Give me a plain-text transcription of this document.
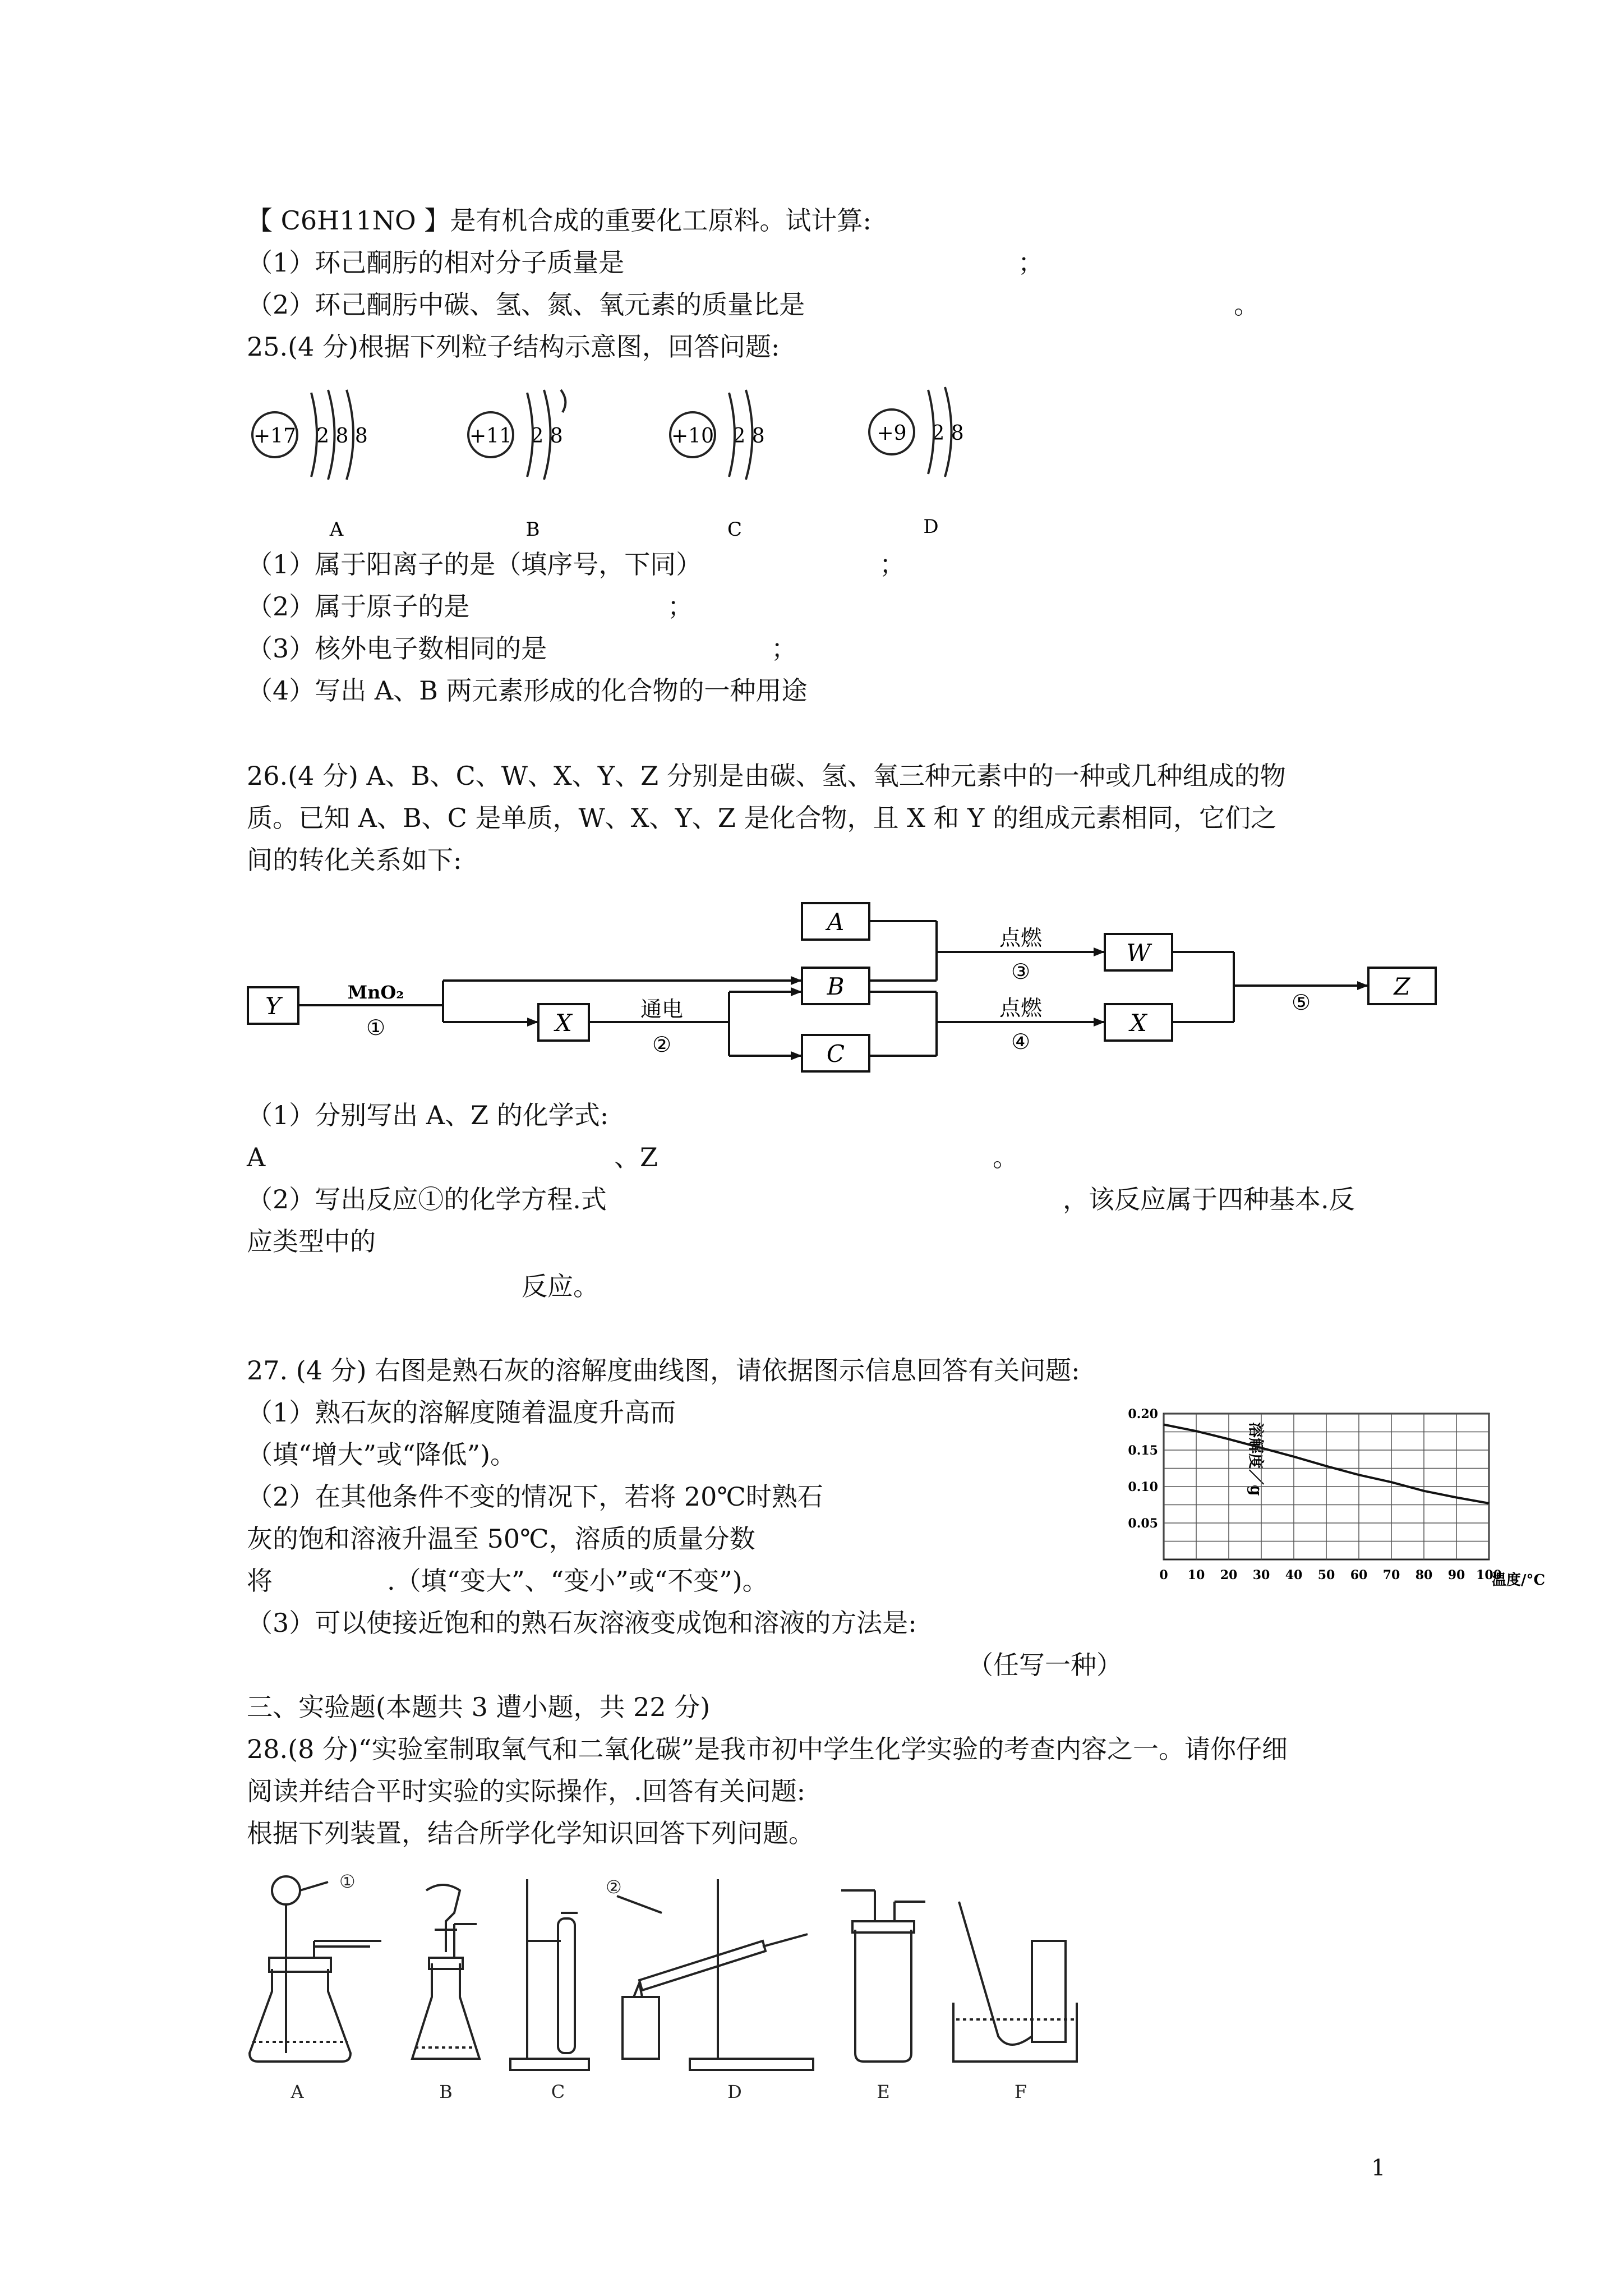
【 C6H11NO 】是有机合成的重要化工原料。试计算:
（1）环己酮肟的相对分子质量是	；
（2）环己酮肟中碳、氢、氮、氧元素的质量比是	。
25.(4 分)根据下列粒子结构示意图，回答问题:
+17 2 8 8
A
+11 2 8
B
+10 2 8
C
+9 2 8
D
（1）属于阳离子的是（填序号，下同）	；
（2）属于原子的是	；
（3）核外电子数相同的是	；
（4）写出 A、B 两元素形成的化合物的一种用途
26.(4 分) A、B、C、W、X、Y、Z 分别是由碳、氢、氧三种元素中的一种或几种组成的物
质。已知 A、B、C 是单质，W、X、Y、Z 是化合物，且 X 和 Y 的组成元素相同，它们之
间的转化关系如下:
Y
X
A
B
C
W
X
Z
MnO₂
①
通电
②
点燃
③
点燃
④
⑤
（1）分别写出 A、Z 的化学式:
A	、Z	。
（2）写出反应①的化学方程.式	，该反应属于四种基本.反
应类型中的
反应。
27. (4 分) 右图是熟石灰的溶解度曲线图，请依据图示信息回答有关问题:
（1）熟石灰的溶解度随着温度升高而
（填“增大”或“降低”)。
（2）在其他条件不变的情况下，若将 20℃时熟石
灰的饱和溶液升温至 50℃，溶质的质量分数
将	.（填“变大”、“变小”或“不变”)。
（3）可以使接近饱和的熟石灰溶液变成饱和溶液的方法是:
（任写一种）
溶解度／g
0 10 20 30 40 50 60 70 80 90 100
0.05
0.10
0.15
0.20
温度/°C
三、实验题(本题共 3 遭小题，共 22 分)
28.(8 分)“实验室制取氧气和二氧化碳”是我市初中学生化学实验的考查内容之一。请你仔细
阅读并结合平时实验的实际操作，.回答有关问题:
根据下列装置，结合所学化学知识回答下列问题。
①	②
A	B	C	D	E	F
1
